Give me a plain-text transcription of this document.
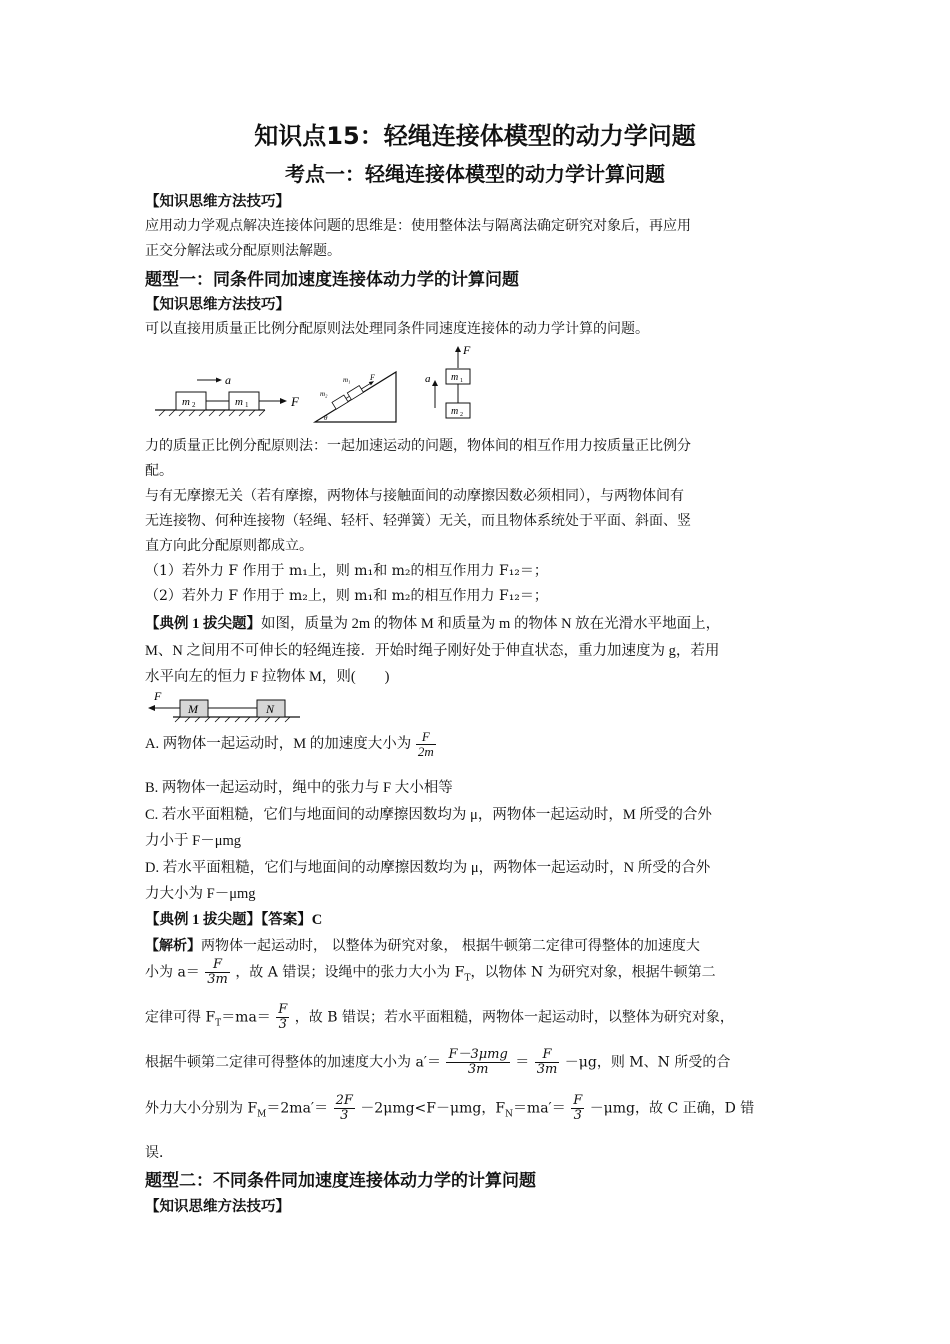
知识点15：轻绳连接体模型的动力学问题
考点一：轻绳连接体模型的动力学计算问题
【知识思维方法技巧】
应用动力学观点解决连接体问题的思维是：使用整体法与隔离法确定研究对象后，再应用
正交分解法或分配原则法解题。
题型一：同条件同加速度连接体动力学的计算问题
【知识思维方法技巧】
可以直接用质量正比例分配原则法处理同条件同速度连接体的动力学计算的问题。
a
m 2	m 1	F	m₂
m₁ F
θ
F
m 1
m 2
a
力的质量正比例分配原则法：一起加速运动的问题，物体间的相互作用力按质量正比例分
配。
与有无摩擦无关（若有摩擦，两物体与接触面间的动摩擦因数必须相同），与两物体间有
无连接物、何种连接物（轻绳、轻杆、轻弹簧）无关，而且物体系统处于平面、斜面、竖
直方向此分配原则都成立。
（1）若外力 F 作用于 m₁上，则 m₁和 m₂的相互作用力 F₁₂＝；
（2）若外力 F 作用于 m₂上，则 m₁和 m₂的相互作用力 F₁₂＝；
【典例 1 拔尖题】如图，质量为 2m 的物体 M 和质量为 m 的物体 N 放在光滑水平地面上，
M、N 之间用不可伸长的轻绳连接．开始时绳子刚好处于伸直状态，重力加速度为 g，若用
水平向左的恒力 F 拉物体 M，则(　　)
F
M	N
A. 两物体一起运动时，M 的加速度大小为 $\frac{F}{2m}$
B. 两物体一起运动时，绳中的张力与 F 大小相等
C. 若水平面粗糙，它们与地面间的动摩擦因数均为 μ，两物体一起运动时，M 所受的合外
力小于 F－μmg
D. 若水平面粗糙，它们与地面间的动摩擦因数均为 μ，两物体一起运动时，N 所受的合外
力大小为 F－μmg
【典例 1 拔尖题】【答案】C
【解析】两物体一起运动时， 以整体为研究对象， 根据牛顿第二定律可得整体的加速度大
小为 $a= \frac{F}{3m}$ ，故 A 错误；设绳中的张力大小为 $F_T$，以物体 N 为研究对象，根据牛顿第二
定律可得 $F_T=ma= \frac{F}{3}$ ，故 B 错误；若水平面粗糙，两物体一起运动时，以整体为研究对象，
根据牛顿第二定律可得整体的加速度大小为 $a'= \frac{\text{F－3μmg}}{3m} = \frac{F}{3m} -\mu g$，则 M、N 所受的合
外力大小分别为 $F_M=2ma'= \frac{2F}{3} -2\mu mg<F-\mu mg$，$F_N=ma'= \frac{F}{3} -\mu mg$，故 C 正确，D 错
误．
题型二：不同条件同加速度连接体动力学的计算问题
【知识思维方法技巧】
